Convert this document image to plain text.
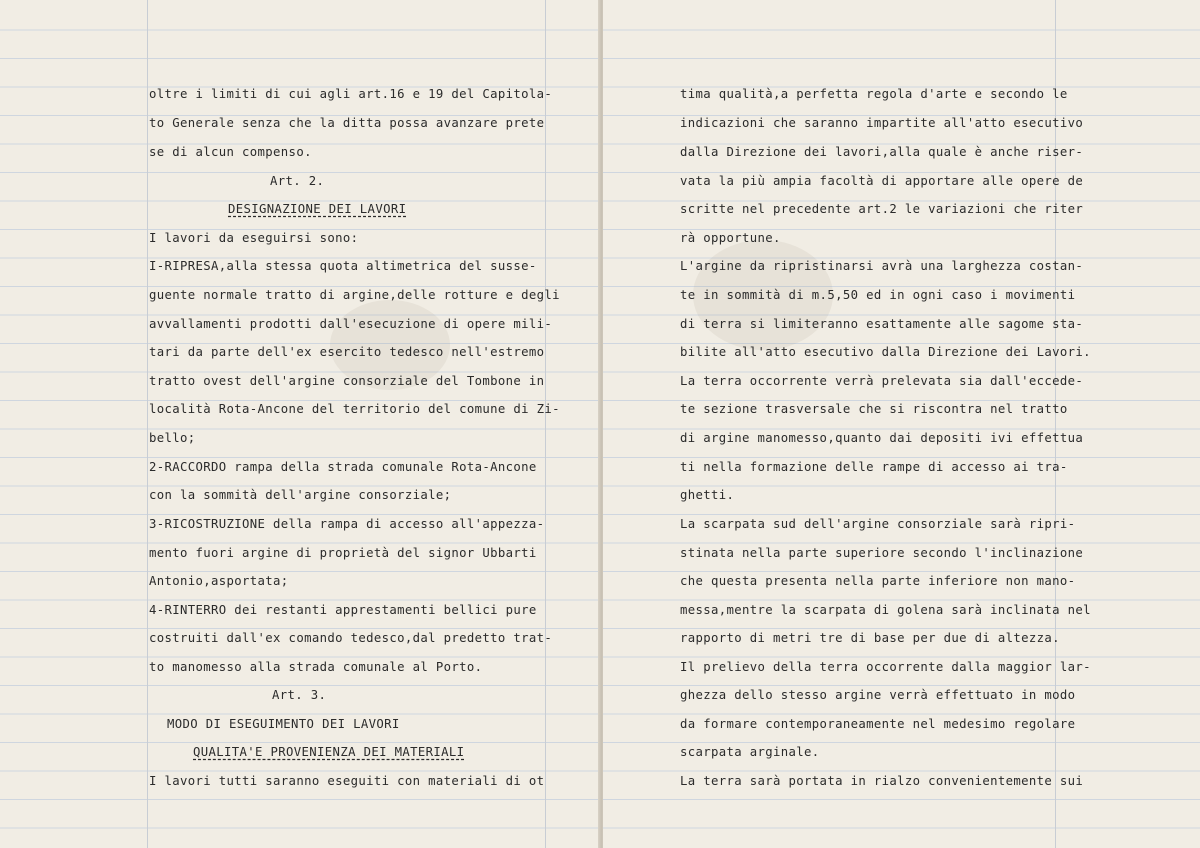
oltre i limiti di cui agli art.16 e 19 del Capitola-
to Generale senza che la ditta possa avanzare prete
se di alcun compenso.
Art. 2.
DESIGNAZIONE DEI LAVORI
I lavori da eseguirsi sono:
I-RIPRESA,alla stessa quota altimetrica del susse-
guente normale tratto di argine,delle rotture e degli
avvallamenti prodotti dall'esecuzione di opere mili-
tari da parte dell'ex esercito tedesco nell'estremo
tratto ovest dell'argine consorziale del Tombone in
località Rota-Ancone del territorio del comune di Zi-
bello;
2-RACCORDO rampa della strada comunale Rota-Ancone
con la sommità dell'argine consorziale;
3-RICOSTRUZIONE della rampa di accesso all'appezza-
mento fuori argine di proprietà del signor Ubbarti
Antonio,asportata;
4-RINTERRO dei restanti apprestamenti bellici pure
costruiti dall'ex comando tedesco,dal predetto trat-
to manomesso alla strada comunale al Porto.
Art. 3.
MODO DI ESEGUIMENTO DEI LAVORI
QUALITA'E PROVENIENZA DEI MATERIALI
I lavori tutti saranno eseguiti con materiali di ot
tima qualità,a perfetta regola d'arte e secondo le
indicazioni che saranno impartite all'atto esecutivo
dalla Direzione dei lavori,alla quale è anche riser-
vata la più ampia facoltà di apportare alle opere de
scritte nel precedente art.2 le variazioni che riter
rà opportune.
L'argine da ripristinarsi avrà una larghezza costan-
te in sommità di m.5,50 ed in ogni caso i movimenti
di terra si limiteranno esattamente alle sagome sta-
bilite all'atto esecutivo dalla Direzione dei Lavori.
La terra occorrente verrà prelevata sia dall'eccede-
te sezione trasversale che si riscontra nel tratto
di argine manomesso,quanto dai depositi ivi effettua
ti nella formazione delle rampe di accesso ai tra-
ghetti.
La scarpata sud dell'argine consorziale sarà ripri-
stinata nella parte superiore secondo l'inclinazione
che questa presenta nella parte inferiore non mano-
messa,mentre la scarpata di golena sarà inclinata nel
rapporto di metri tre di base per due di altezza.
Il prelievo della terra occorrente dalla maggior lar-
ghezza dello stesso argine verrà effettuato in modo
da formare contemporaneamente nel medesimo regolare
scarpata arginale.
La terra sarà portata in rialzo convenientemente sui
